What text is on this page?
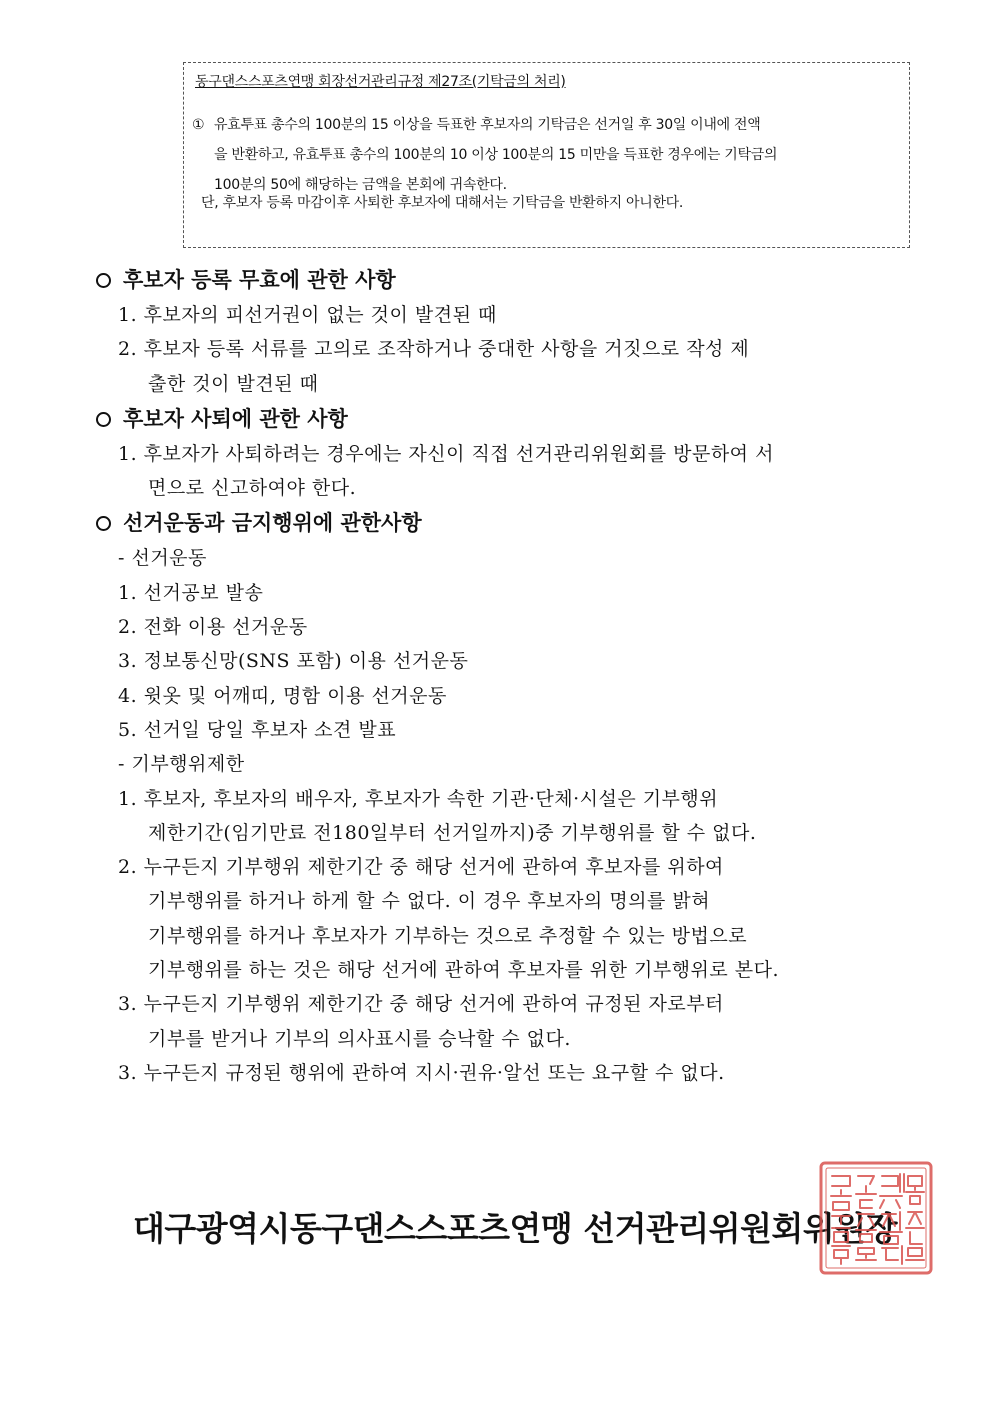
동구댄스스포츠연맹 회장선거관리규정 제27조(기탁금의 처리)
① 유효투표 총수의 100분의 15 이상을 득표한 후보자의 기탁금은 선거일 후 30일 이내에 전액
을 반환하고, 유효투표 총수의 100분의 10 이상 100분의 15 미만을 득표한 경우에는 기탁금의
100분의 50에 해당하는 금액을 본회에 귀속한다.
단, 후보자 등록 마감이후 사퇴한 후보자에 대해서는 기탁금을 반환하지 아니한다.
후보자 등록 무효에 관한 사항
1. 후보자의 피선거권이 없는 것이 발견된 때
2. 후보자 등록 서류를 고의로 조작하거나 중대한 사항을 거짓으로 작성 제
출한 것이 발견된 때
후보자 사퇴에 관한 사항
1. 후보자가 사퇴하려는 경우에는 자신이 직접 선거관리위원회를 방문하여 서
면으로 신고하여야 한다.
선거운동과 금지행위에 관한사항
- 선거운동
1. 선거공보 발송
2. 전화 이용 선거운동
3. 정보통신망(SNS 포함) 이용 선거운동
4. 윗옷 및 어깨띠, 명함 이용 선거운동
5. 선거일 당일 후보자 소견 발표
- 기부행위제한
1. 후보자, 후보자의 배우자, 후보자가 속한 기관·단체·시설은 기부행위
제한기간(임기만료 전180일부터 선거일까지)중 기부행위를 할 수 없다.
2. 누구든지 기부행위 제한기간 중 해당 선거에 관하여 후보자를 위하여
기부행위를 하거나 하게 할 수 없다. 이 경우 후보자의 명의를 밝혀
기부행위를 하거나 후보자가 기부하는 것으로 추정할 수 있는 방법으로
기부행위를 하는 것은 해당 선거에 관하여 후보자를 위한 기부행위로 본다.
3. 누구든지 기부행위 제한기간 중 해당 선거에 관하여 규정된 자로부터
기부를 받거나 기부의 의사표시를 승낙할 수 없다.
3. 누구든지 규정된 행위에 관하여 지시·권유·알선 또는 요구할 수 없다.
대구광역시동구댄스스포츠연맹 선거관리위원회위원장
